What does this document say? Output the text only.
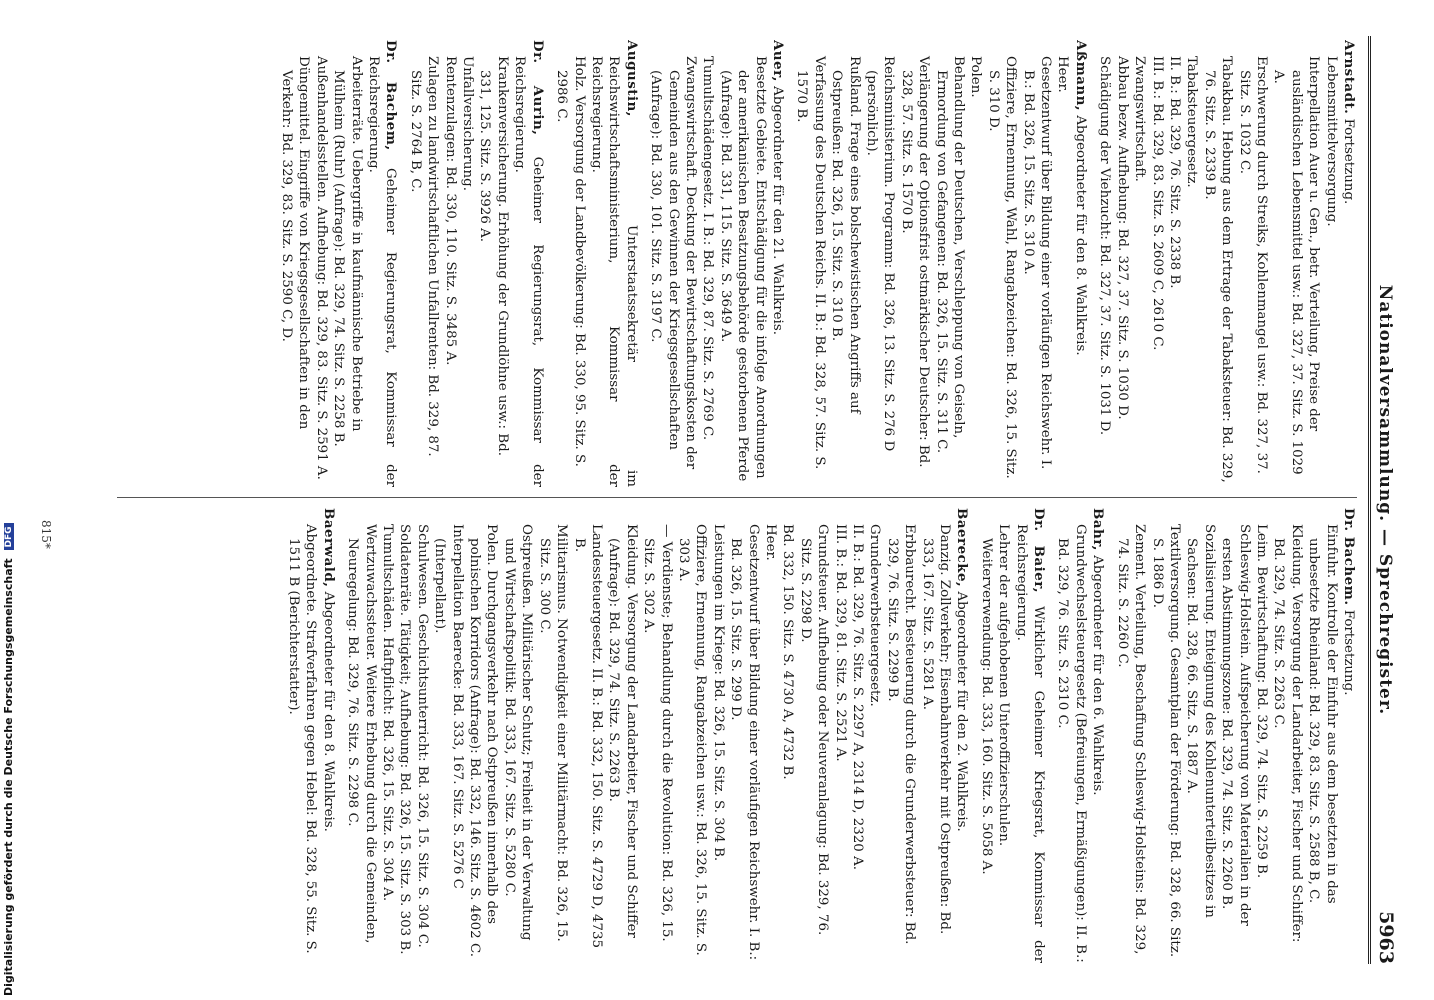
Nationalversammlung. — Sprechregister.
5963
Arnstadt. Fortsetzung.
Lebensmittelversorgung.
Interpellation Auer u. Gen., betr. Verteilung, Preise der ausländischen Lebensmittel usw.: Bd. 327, 37. Sitz. S. 1029 A.
Erschwerung durch Streiks, Kohlenmangel usw.: Bd. 327, 37. Sitz. S. 1032 C.
Tabakbau. Hebung aus dem Ertrage der Tabaksteuer: Bd. 329, 76. Sitz. S. 2339 B.
Tabaksteuergesetz.
II. B.: Bd. 329, 76. Sitz. S. 2338 B.
III. B.: Bd. 329, 83. Sitz. S. 2609 C, 2610 C.
Zwangswirtschaft.
Abbau bezw. Aufhebung: Bd. 327, 37. Sitz. S. 1030 D.
Schädigung der Viehzucht: Bd. 327, 37. Sitz. S. 1031 D.
Aßmann, Abgeordneter für den 8. Wahlkreis.
Heer.
Gesetzentwurf über Bildung einer vorläufigen Reichswehr. I. B.: Bd. 326, 15. Sitz. S. 310 A.
Offiziere, Ernennung, Wahl, Rangabzeichen: Bd. 326, 15. Sitz. S. 310 D.
Polen.
Behandlung der Deutschen, Verschleppung von Geiseln, Ermordung von Gefangenen: Bd. 326, 15. Sitz. S. 311 C.
Verlängerung der Optionsfrist ostmärkischer Deutscher: Bd. 328, 57. Sitz. S. 1570 B.
Reichsministerium. Programm: Bd. 326, 13. Sitz. S. 276 D (persönlich).
Rußland. Frage eines bolschewistischen Angriffs auf Ostpreußen: Bd. 326, 15. Sitz. S. 310 B.
Verfassung des Deutschen Reichs. II. B.: Bd. 328, 57. Sitz. S. 1570 B.
Auer, Abgeordneter für den 21. Wahlkreis.
Besetzte Gebiete. Entschädigung für die infolge Anordnungen der amerikanischen Besatzungsbehörde gestorbenen Pferde (Anfrage): Bd. 331, 115. Sitz. S. 3649 A.
Tumultschädengesetz. I. B.: Bd. 329, 87. Sitz. S. 2769 C.
Zwangswirtschaft. Deckung der Bewirtschaftungskosten der Gemeinden aus den Gewinnen der Kriegsgesellschaften (Anfrage): Bd. 330, 101. Sitz. S. 3197 C.
Augustin, Unterstaatssekretär im Reichswirtschaftsministerium, Kommissar der Reichsregierung.
Holz. Versorgung der Landbevölkerung: Bd. 330, 95. Sitz. S. 2986 C.
Dr. Aurin, Geheimer Regierungsrat, Kommissar der Reichsregierung.
Krankenversicherung. Erhöhung der Grundlöhne usw.: Bd. 331, 125. Sitz. S. 3926 A.
Unfallversicherung.
Rentenzulagen: Bd. 330, 110. Sitz. S. 3485 A.
Zulagen zu landwirtschaftlichen Unfallrenten: Bd. 329, 87. Sitz. S. 2764 B, C.
Dr. Bachem, Geheimer Regierungsrat, Kommissar der Reichsregierung.
Arbeiterräte. Uebergriffe in kaufmännische Betriebe in Mülheim (Ruhr) (Anfrage): Bd. 329, 74. Sitz. S. 2258 B.
Außenhandelsstellen. Aufhebung: Bd. 329, 83. Sitz. S. 2591 A.
Düngemittel. Eingriffe von Kriegsgesellschaften in den Verkehr: Bd. 329, 83. Sitz. S. 2590 C, D.
Dr. Bachem. Fortsetzung.
Einfuhr. Kontrolle der Einfuhr aus dem besetzten in das unbesetzte Rheinland: Bd. 329, 83. Sitz. S. 2588 B, C.
Kleidung. Versorgung der Landarbeiter, Fischer und Schiffer: Bd. 329, 74. Sitz. S. 2263 C.
Leim. Bewirtschaftung: Bd. 329, 74. Sitz. S. 2259 B.
Schleswig-Holstein. Aufspeicherung von Materialien in der ersten Abstimmungszone: Bd. 329, 74. Sitz. S. 2260 B.
Sozialisierung. Enteignung des Kohlenunterteilbesitzes in Sachsen: Bd. 328, 66. Sitz. S. 1887 A.
Textilversorgung. Gesamtplan der Förderung: Bd. 328, 66. Sitz. S. 1886 D.
Zement. Verteilung, Beschaffung Schleswig-Holsteins: Bd. 329, 74. Sitz. S. 2260 C.
Bahr, Abgeordneter für den 6. Wahlkreis.
Grundwechselsteuergesetz (Befreiungen, Ermäßigungen): II. B.: Bd. 329, 76. Sitz. S. 2310 C.
Dr. Baier, Wirklicher Geheimer Kriegsrat, Kommissar der Reichsregierung.
Lehrer der aufgehobenen Unteroffizierschulen. Weiterverwendung: Bd. 333, 160. Sitz. S. 5058 A.
Baerecke, Abgeordneter für den 2. Wahlkreis.
Danzig. Zollverkehr; Eisenbahnverkehr mit Ostpreußen: Bd. 333, 167. Sitz. S. 5281 A.
Erbbaurecht. Besteuerung durch die Grunderwerbsteuer: Bd. 329, 76. Sitz. S. 2299 B.
Grunderwerbsteuergesetz.
II. B.: Bd. 329, 76. Sitz. S. 2297 A, 2314 D, 2320 A.
III. B.: Bd. 329, 81. Sitz. S. 2521 A.
Grundsteuer. Aufhebung oder Neuveranlagung: Bd. 329, 76. Sitz. S. 2298 D.
Bd. 332, 150. Sitz. S. 4730 A, 4732 B.
Heer.
Gesetzentwurf über Bildung einer vorläufigen Reichswehr. I. B.: Bd. 326, 15. Sitz. S. 299 D.
Leistungen im Kriege: Bd. 326, 15. Sitz. S. 304 B.
Offiziere, Ernennung, Rangabzeichen usw.: Bd. 326, 15. Sitz. S. 303 A.
— Verdienste; Behandlung durch die Revolution: Bd. 326, 15. Sitz. S. 302 A.
Kleidung. Versorgung der Landarbeiter, Fischer und Schiffer (Anfrage): Bd. 329, 74. Sitz. S. 2263 B.
Landessteuergesetz. II. B.: Bd. 332, 150. Sitz. S. 4729 D, 4735 B.
Militarismus. Notwendigkeit einer Militärmacht: Bd. 326, 15. Sitz. S. 300 C.
Ostpreußen. Militärischer Schutz; Freiheit in der Verwaltung und Wirtschaftspolitik: Bd. 333, 167. Sitz. S. 5280 C.
Polen. Durchgangsverkehr nach Ostpreußen innerhalb des polnischen Korridors (Anfrage): Bd. 332, 146. Sitz. S. 4602 C.
Interpellation Baerecke: Bd. 333, 167. Sitz. S. 5276 C (Interpellant).
Schulwesen. Geschichtsunterricht: Bd. 326, 15. Sitz. S. 304 C.
Soldatenräte. Tätigkeit; Aufhebung: Bd. 326, 15. Sitz. S. 303 B.
Tumultschäden. Haftpflicht: Bd. 326, 15. Sitz. S. 304 A.
Wertzuwachssteuer. Weitere Erhebung durch die Gemeinden, Neuregelung: Bd. 329, 76. Sitz. S. 2298 C.
Baerwald, Abgeordneter für den 8. Wahlkreis.
Abgeordnete. Strafverfahren gegen Hebel: Bd. 328, 55. Sitz. S. 1511 B (Berichterstatter).
815*
Digitalisierung gefördert durch die Deutsche Forschungsgemeinschaft DFG
